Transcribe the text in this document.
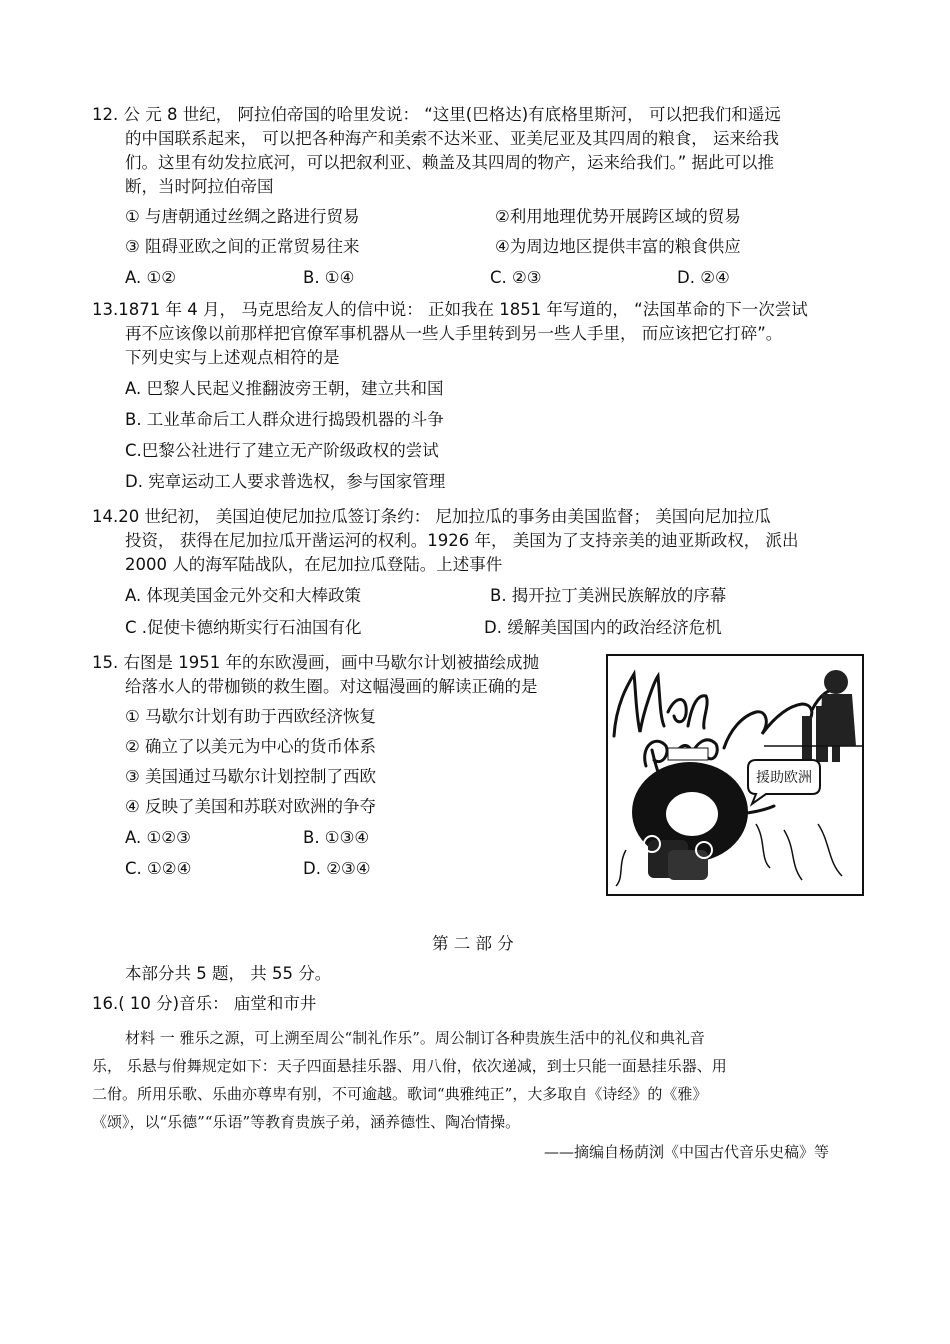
12. 公 元 8 世纪， 阿拉伯帝国的哈里发说： “这里(巴格达)有底格里斯河， 可以把我们和遥远
的中国联系起来， 可以把各种海产和美索不达米亚、亚美尼亚及其四周的粮食， 运来给我
们。这里有幼发拉底河，可以把叙利亚、赖盖及其四周的物产，运来给我们。” 据此可以推
断，当时阿拉伯帝国
① 与唐朝通过丝绸之路进行贸易	②利用地理优势开展跨区域的贸易
③ 阻碍亚欧之间的正常贸易往来	④为周边地区提供丰富的粮食供应
A. ①②	B. ①④	C. ②③	D. ②④
13.1871 年 4 月， 马克思给友人的信中说： 正如我在 1851 年写道的， “法国革命的下一次尝试
再不应该像以前那样把官僚军事机器从一些人手里转到另一些人手里， 而应该把它打碎”。
下列史实与上述观点相符的是
A. 巴黎人民起义推翻波旁王朝，建立共和国
B. 工业革命后工人群众进行捣毁机器的斗争
C.巴黎公社进行了建立无产阶级政权的尝试
D. 宪章运动工人要求普选权，参与国家管理
14.20 世纪初， 美国迫使尼加拉瓜签订条约： 尼加拉瓜的事务由美国监督； 美国向尼加拉瓜
投资， 获得在尼加拉瓜开凿运河的权利。1926 年， 美国为了支持亲美的迪亚斯政权， 派出
2000 人的海军陆战队，在尼加拉瓜登陆。上述事件
A. 体现美国金元外交和大棒政策	B. 揭开拉丁美洲民族解放的序幕
C .促使卡德纳斯实行石油国有化	D. 缓解美国国内的政治经济危机
15. 右图是 1951 年的东欧漫画，画中马歇尔计划被描绘成抛
给落水人的带枷锁的救生圈。对这幅漫画的解读正确的是
① 马歇尔计划有助于西欧经济恢复
② 确立了以美元为中心的货币体系
③ 美国通过马歇尔计划控制了西欧
④ 反映了美国和苏联对欧洲的争夺
A. ①②③	B. ①③④
C. ①②④	D. ②③④
援助欧洲
第 二 部 分
本部分共 5 题， 共 55 分。
16.( 10 分)音乐： 庙堂和市井
材料 一 雅乐之源，可上溯至周公“制礼作乐”。周公制订各种贵族生活中的礼仪和典礼音
乐， 乐悬与佾舞规定如下：天子四面悬挂乐器、用八佾，依次递减，到士只能一面悬挂乐器、用
二佾。所用乐歌、乐曲亦尊卑有别，不可逾越。歌词“典雅纯正”，大多取自《诗经》的《雅》
《颂》，以“乐德”“乐语”等教育贵族子弟，涵养德性、陶冶情操。
——摘编自杨荫浏《中国古代音乐史稿》等
